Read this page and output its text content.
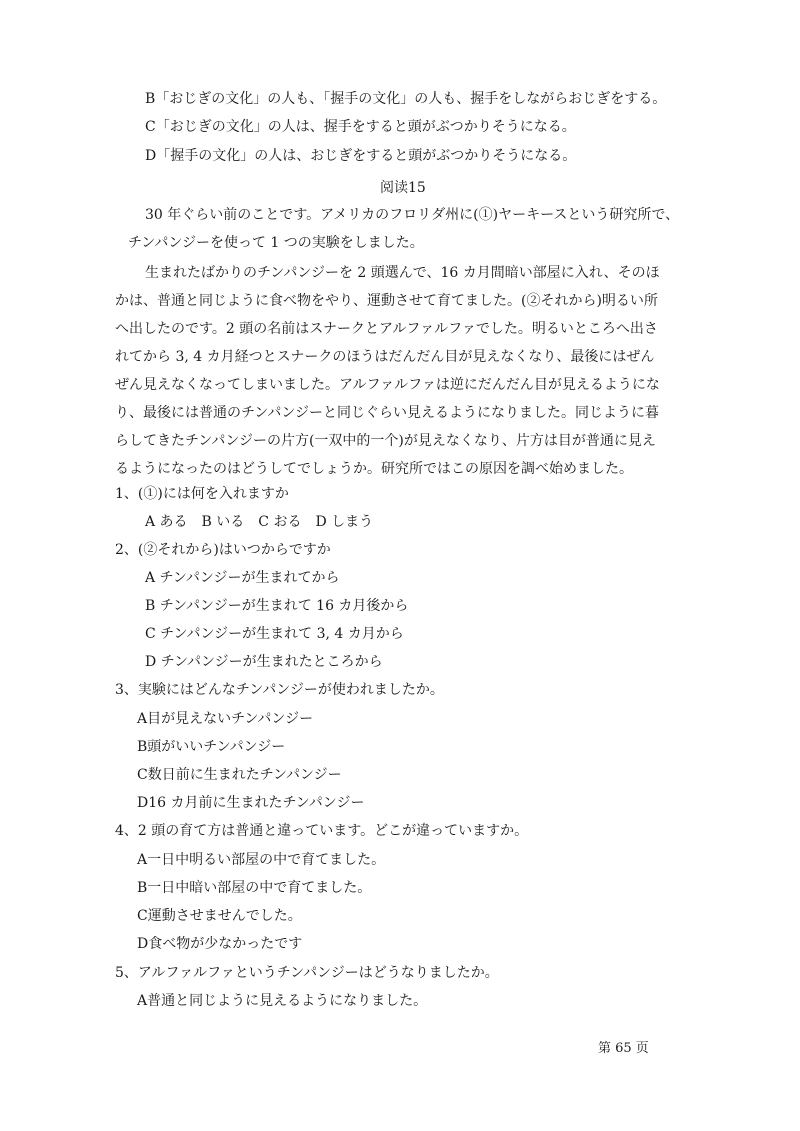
B「おじぎの文化」の人も、「握手の文化」の人も、握手をしながらおじぎをする。
C「おじぎの文化」の人は、握手をすると頭がぶつかりそうになる。
D「握手の文化」の人は、おじぎをすると頭がぶつかりそうになる。
阅读15
30 年ぐらい前のことです。アメリカのフロリダ州に(①)ヤーキースという研究所で、
チンパンジーを使って 1 つの実験をしました。
生まれたばかりのチンパンジーを 2 頭選んで、16 カ月間暗い部屋に入れ、そのほ
かは、普通と同じように食べ物をやり、運動させて育てました。(②それから)明るい所
へ出したのです。2 頭の名前はスナークとアルファルファでした。明るいところへ出さ
れてから 3, 4 カ月経つとスナークのほうはだんだん目が見えなくなり、最後にはぜん
ぜん見えなくなってしまいました。アルファルファは逆にだんだん目が見えるようにな
り、最後には普通のチンパンジーと同じぐらい見えるようになりました。同じように暮
らしてきたチンパンジーの片方(一双中的一个)が見えなくなり、片方は目が普通に見え
るようになったのはどうしてでしょうか。研究所ではこの原因を調べ始めました。
1、(①)には何を入れますか
A ある　B いる　C おる　D しまう
2、(②それから)はいつからですか
A チンパンジーが生まれてから
B チンパンジーが生まれて 16 カ月後から
C チンパンジーが生まれて 3, 4 カ月から
D チンパンジーが生まれたところから
3、実験にはどんなチンパンジーが使われましたか。
A目が見えないチンパンジー
B頭がいいチンパンジー
C数日前に生まれたチンパンジー
D16 カ月前に生まれたチンパンジー
4、2 頭の育て方は普通と違っています。どこが違っていますか。
A一日中明るい部屋の中で育てました。
B一日中暗い部屋の中で育てました。
C運動させませんでした。
D食べ物が少なかったです
5、アルファルファというチンパンジーはどうなりましたか。
A普通と同じように見えるようになりました。
第 65 页
